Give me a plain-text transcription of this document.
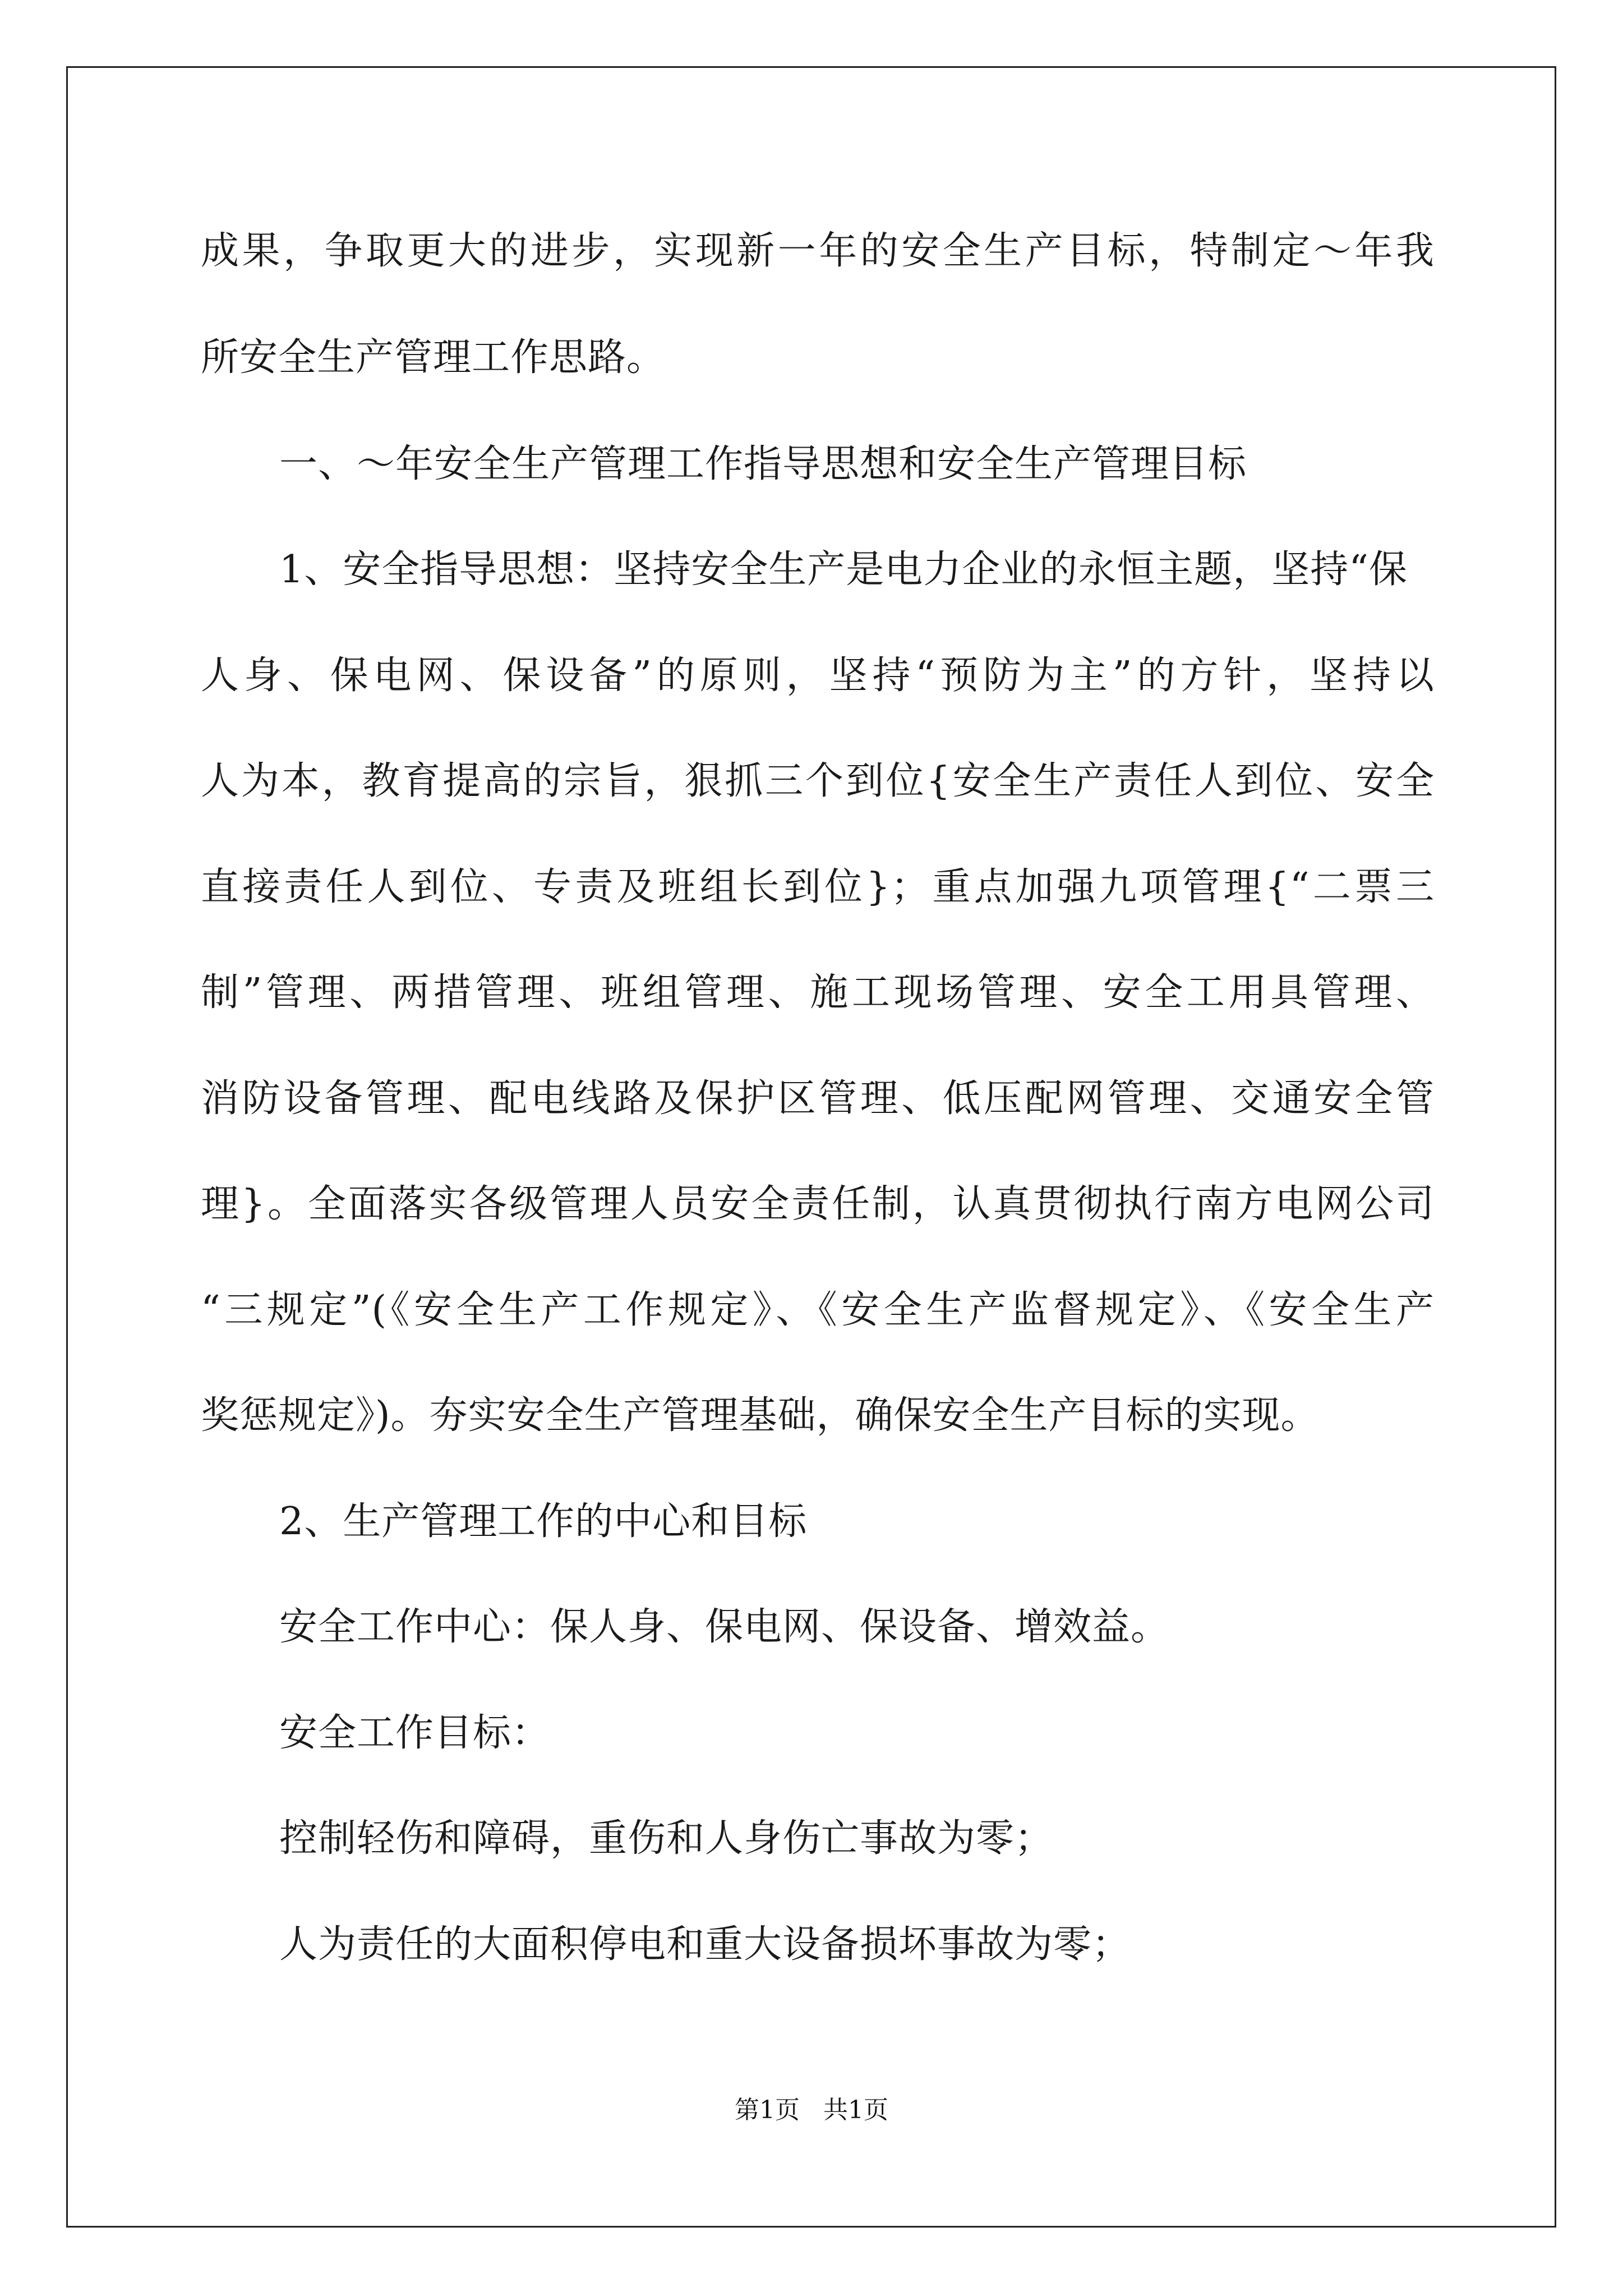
成果，争取更大的进步，实现新一年的安全生产目标，特制定～年我
所安全生产管理工作思路。
一、～年安全生产管理工作指导思想和安全生产管理目标
1、安全指导思想：坚持安全生产是电力企业的永恒主题，坚持“保
人身、保电网、保设备”的原则，坚持“预防为主”的方针，坚持以
人为本，教育提高的宗旨，狠抓三个到位{安全生产责任人到位、安全
直接责任人到位、专责及班组长到位}；重点加强九项管理{“二票三
制”管理、两措管理、班组管理、施工现场管理、安全工用具管理、
消防设备管理、配电线路及保护区管理、低压配网管理、交通安全管
理}。全面落实各级管理人员安全责任制，认真贯彻执行南方电网公司
“三规定”(《安全生产工作规定》、《安全生产监督规定》、《安全生产
奖惩规定》)。夯实安全生产管理基础，确保安全生产目标的实现。
2、生产管理工作的中心和目标
安全工作中心：保人身、保电网、保设备、增效益。
安全工作目标：
控制轻伤和障碍，重伤和人身伤亡事故为零；
人为责任的大面积停电和重大设备损坏事故为零；
第1页   共1页
